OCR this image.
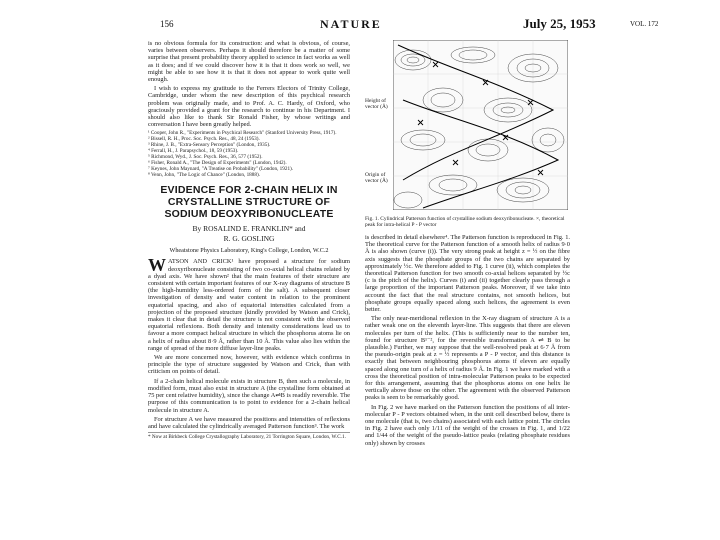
156	NATURE	July 25, 1953	VOL. 172

is no obvious formula for its construction: and what is obvious, of course, varies between observers. Perhaps it should therefore be a matter of some surprise that present probability theory applied to science in fact works as well as it does; and if we could discover how it is that it does work so well, we might be able to see how it is that it does not appear to work quite well enough.

I wish to express my gratitude to the Ferrers Electors of Trinity College, Cambridge, under whom the new description of this psychical research problem was originally made, and to Prof. A. C. Hardy, of Oxford, who graciously provided a grant for the research to continue in his Department. I should also like to thank Sir Ronald Fisher, by whose writings and conversation I have been greatly helped.

¹ Cooper, John R., "Experiments in Psychical Research" (Stanford University Press, 1917).
² Bissell, R. H., Proc. Soc. Psych. Res., 48, 24 (1953).
³ Rhine, J. B., "Extra-Sensory Perception" (London, 1935).
⁴ Ferrall, H., J. Parapsychol., 18, 59 (1953).
⁵ Richmond, Wyd., J. Soc. Psych. Res., 36, 577 (1952).
⁶ Fisher, Ronald A., "The Design of Experiments" (London, 1942).
⁷ Keynes, John Maynard, "A Treatise on Probability" (London, 1921).
⁸ Venn, John, "The Logic of Chance" (London, 1888).
EVIDENCE FOR 2-CHAIN HELIX IN CRYSTALLINE STRUCTURE OF SODIUM DEOXYRIBONUCLEATE
By ROSALIND E. FRANKLIN* and
R. G. GOSLING
Wheatstone Physics Laboratory, King's College, London, W.C.2

WATSON AND CRICK¹ have proposed a structure for sodium deoxyribonucleate consisting of two co-axial helical chains related by a dyad axis. We have shown² that the main features of their structure are consistent with certain important features of our X-ray diagrams of structure B (the high-humidity less-ordered form of the salt). A subsequent closer investigation of density and water content in relation to the prominent equatorial spacing, and also of equatorial intensities calculated from a projection of the proposed structure (kindly provided by Watson and Crick), makes it clear that in detail the structure is not consistent with the observed equatorial reflexions. Both density and intensity considerations lead us to favour a more compact helical structure in which the phosphorus atoms lie on a helix of radius about 8·9 Å, rather than 10 Å. This value also lies within the range of spread of the more diffuse layer-line peaks.

We are more concerned now, however, with evidence which confirms in principle the type of structure suggested by Watson and Crick, than with criticism on points of detail.

If a 2-chain helical molecule exists in structure B, then such a molecule, in modified form, must also exist in structure A (the crystalline form obtained at 75 per cent relative humidity), since the change A⇌B is readily reversible. The purpose of this communication is to point to evidence for a 2-chain helical molecule in structure A.

For structure A we have measured the positions and intensities of reflexions and have calculated the cylindrically averaged Patterson function³. The work

* Now at Birkbeck College Crystallography Laboratory, 21 Torrington Square, London, W.C.1.
Height of vector (Å)
Origin of vector (Å)
Fig. 1. Cylindrical Patterson function of crystalline sodium deoxyribonucleate. ×, theoretical peak for intra-helical P - P vector

is described in detail elsewhere⁴. The Patterson function is reproduced in Fig. 1. The theoretical curve for the Patterson function of a smooth helix of radius 9·0 Å is also shown (curve (i)). The very strong peak at height z = ½ on the fibre axis suggests that the phosphate groups of the two chains are separated by approximately ½c. We therefore added to Fig. 1 curve (ii), which completes the theoretical Patterson function for two smooth co-axial helices separated by ½c (c is the pitch of the helix). Curves (i) and (ii) together clearly pass through a large proportion of the important Patterson peaks. Moreover, if we take into account the fact that the real structure contains, not smooth helices, but phosphate groups equally spaced along such helices, the agreement is even better.

The only near-meridional reflexion in the X-ray diagram of structure A is a rather weak one on the eleventh layer-line. This suggests that there are eleven molecules per turn of the helix. (This is sufficiently near to the number ten, found for structure B¹⁻², for the reversible transformation A ⇌ B to be plausible.) Further, we may suppose that the well-resolved peak at 6·7 Å from the pseudo-origin peak at z = ½ represents a P - P vector, and this distance is exactly that between neighbouring phosphorus atoms if eleven are equally spaced along one turn of a helix of radius 9 Å. In Fig. 1 we have marked with a cross the theoretical position of intra-molecular Patterson peaks to be expected for this arrangement, assuming that the phosphorus atoms on one helix lie vertically above those on the other. The agreement with the observed Patterson peaks is seen to be remarkably good.

In Fig. 2 we have marked on the Patterson function the positions of all inter-molecular P - P vectors obtained when, in the unit cell described below, there is one molecule (that is, two chains) associated with each lattice point. The circles in Fig. 2 have each only 1/11 of the weight of the crosses in Fig. 1, and 1/22 and 1/44 of the weight of the pseudo-lattice peaks (relating phosphate residues only) shown by crosses
